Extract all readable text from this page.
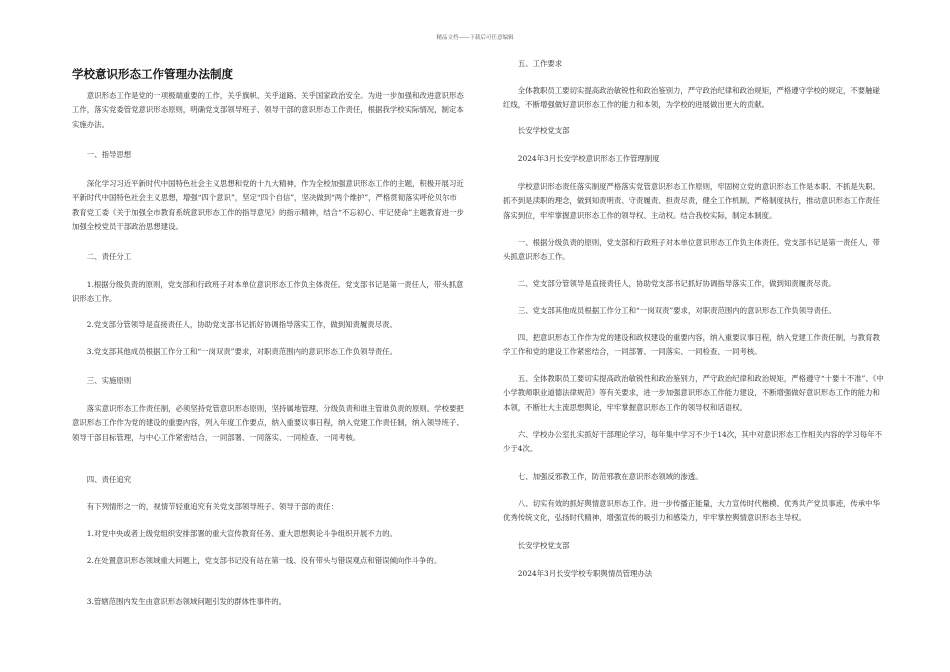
精品文档——下载后可任意编辑
学校意识形态工作管理办法制度

意识形态工作是党的一项极端重要的工作，关乎旗帜、关乎道路、关乎国家政治安全。为进一步加强和改进意识形态工作，落实党委管党意识形态原则，明确党支部领导班子、领导干部的意识形态工作责任，根据我学校实际情况，制定本实施办法。

一、指导思想

深化学习习近平新时代中国特色社会主义思想和党的十九大精神，作为全校加强意识形态工作的主题，积极开展习近平新时代中国特色社会主义思想，增强“四个意识”，坚定“四个自信”，坚决做到“两个维护”，严格贯彻落实呼伦贝尔市教育党工委《关于加强全市教育系统意识形态工作的指导意见》的指示精神，结合“不忘初心、牢记使命”主题教育进一步加强全校党员干部政治思想建设。

二、责任分工

1.根据分级负责的原则，党支部和行政班子对本单位意识形态工作负主体责任。党支部书记是第一责任人，带头抓意识形态工作。

2.党支部分管领导是直接责任人，协助党支部书记抓好协调指导落实工作，做到知责履责尽责。

3.党支部其他成员根据工作分工和“一岗双责”要求，对职责范围内的意识形态工作负领导责任。

三、实施原则

落实意识形态工作责任制，必须坚持党管意识形态原则，坚持属地管理、分级负责和谁主管谁负责的原则。学校要把意识形态工作作为党的建设的重要内容，列入年度工作要点，纳入重要议事日程，纳入党建工作责任制，纳入领导班子、领导干部目标管理，与中心工作紧密结合，一同部署、一同落实、一同检查、一同考核。

四、责任追究

有下列情形之一的，视情节轻重追究有关党支部领导班子、领导干部的责任：

1.对党中央或者上级党组织安排部署的重大宣传教育任务、重大思想舆论斗争组织开展不力的。

2.在处置意识形态领域重大问题上，党支部书记没有站在第一线、没有带头与错误观点和错误倾向作斗争的。

3.管辖范围内发生由意识形态领域问题引发的群体性事件的。

五、工作要求

全体教职员工要切实提高政治敏锐性和政治鉴别力，严守政治纪律和政治规矩，严格遵守学校的规定，不要触碰红线，不断增强做好意识形态工作的能力和本领，为学校的进展做出更大的贡献。

长安学校党支部

2024年3月长安学校意识形态工作管理制度

学校意识形态责任落实制度严格落实党管意识形态工作原则，牢固树立党的意识形态工作是本职、不抓是失职、抓不到是渎职的理念，做到知责明责、守责履责、担责尽责，健全工作机制，严格制度执行，推动意识形态工作责任落实到位，牢牢掌握意识形态工作的领导权、主动权。结合我校实际，制定本制度。

一、根据分级负责的原则，党支部和行政班子对本单位意识形态工作负主体责任。党支部书记是第一责任人，带头抓意识形态工作。

二、党支部分管领导是直接责任人，协助党支部书记抓好协调指导落实工作，做到知责履责尽责。

三、党支部其他成员根据工作分工和“一岗双责”要求，对职责范围内的意识形态工作负领导责任。

四、把意识形态工作作为党的建设和政权建设的重要内容，纳入重要议事日程，纳入党建工作责任制，与教育教学工作和党的建设工作紧密结合，一同部署、一同落实、一同检查、一同考核。

五、全体教职员工要切实提高政治敏锐性和政治鉴别力，严守政治纪律和政治规矩，严格遵守“十要十不准”、《中小学教师职业道德法律规范》等有关要求，进一步加强意识形态工作能力建设，不断增强做好意识形态工作的能力和本领，不断壮大主流思想舆论，牢牢掌握意识形态工作的领导权和话语权。

六、学校办公室扎实抓好干部理论学习，每年集中学习不少于14次，其中对意识形态工作相关内容的学习每年不少于4次。

七、加强反邪教工作，防范邪教在意识形态领域的渗透。

八、切实有效的抓好舆情意识形态工作。进一步传播正能量，大力宣传时代楷模、优秀共产党员事迹，传承中华优秀传统文化，弘扬时代精神，增强宣传的吸引力和感染力，牢牢掌控舆情意识形态主导权。

长安学校党支部

2024年3月长安学校专职舆情员管理办法
